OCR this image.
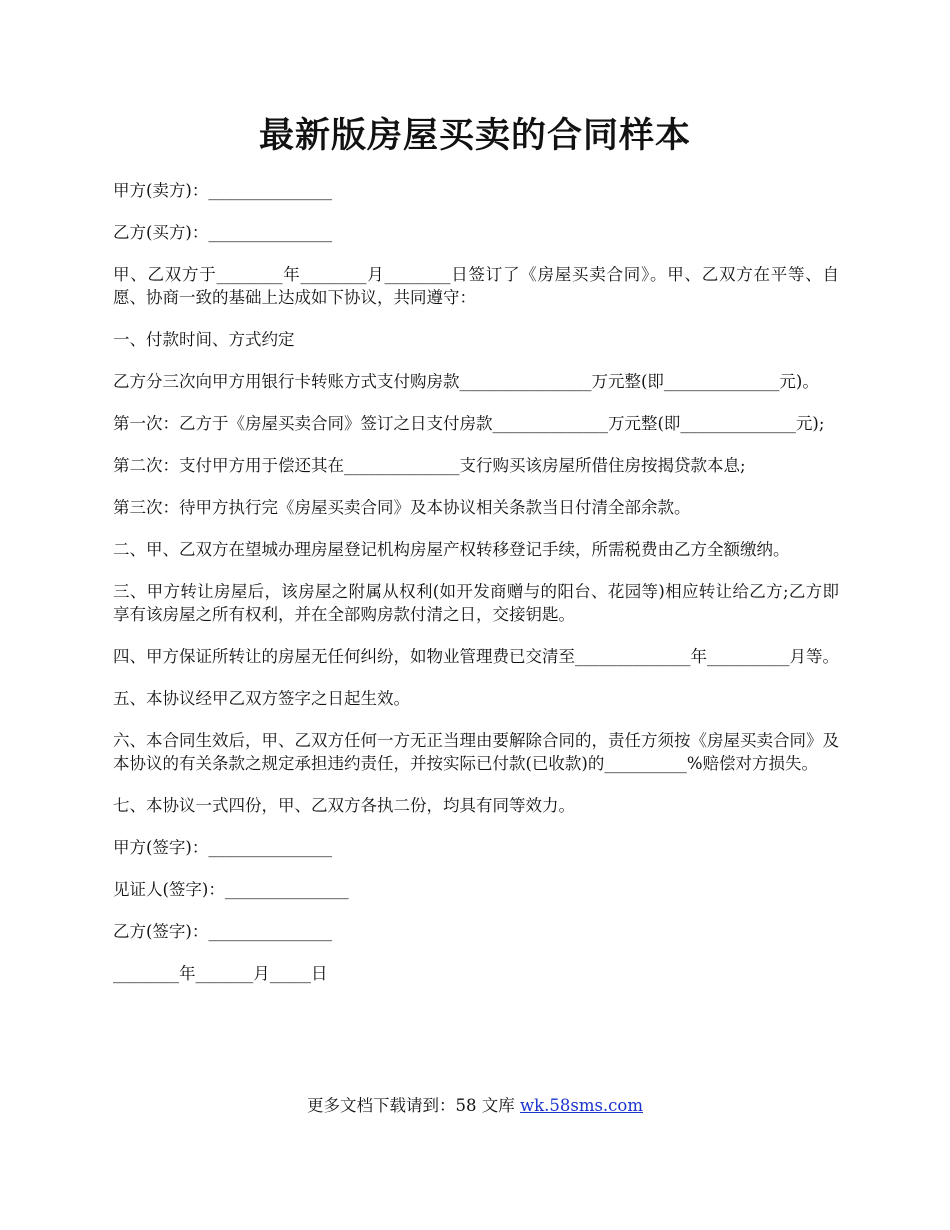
最新版房屋买卖的合同样本

甲方(卖方)：_______________

乙方(买方)：_______________

甲、乙双方于________年________月________日签订了《房屋买卖合同》。甲、乙双方在平等、自愿、协商一致的基础上达成如下协议，共同遵守：

一、付款时间、方式约定

乙方分三次向甲方用银行卡转账方式支付购房款________________万元整(即______________元)。

第一次：乙方于《房屋买卖合同》签订之日支付房款______________万元整(即______________元);

第二次：支付甲方用于偿还其在______________支行购买该房屋所借住房按揭贷款本息;

第三次：待甲方执行完《房屋买卖合同》及本协议相关条款当日付清全部余款。

二、甲、乙双方在望城办理房屋登记机构房屋产权转移登记手续，所需税费由乙方全额缴纳。

三、甲方转让房屋后，该房屋之附属从权利(如开发商赠与的阳台、花园等)相应转让给乙方;乙方即享有该房屋之所有权利，并在全部购房款付清之日，交接钥匙。

四、甲方保证所转让的房屋无任何纠纷，如物业管理费已交清至______________年__________月等。

五、本协议经甲乙双方签字之日起生效。

六、本合同生效后，甲、乙双方任何一方无正当理由要解除合同的，责任方须按《房屋买卖合同》及本协议的有关条款之规定承担违约责任，并按实际已付款(已收款)的__________%赔偿对方损失。

七、本协议一式四份，甲、乙双方各执二份，均具有同等效力。

甲方(签字)：_______________

见证人(签字)：_______________

乙方(签字)：_______________

________年_______月_____日

更多文档下载请到：58 文库 wk.58sms.com
